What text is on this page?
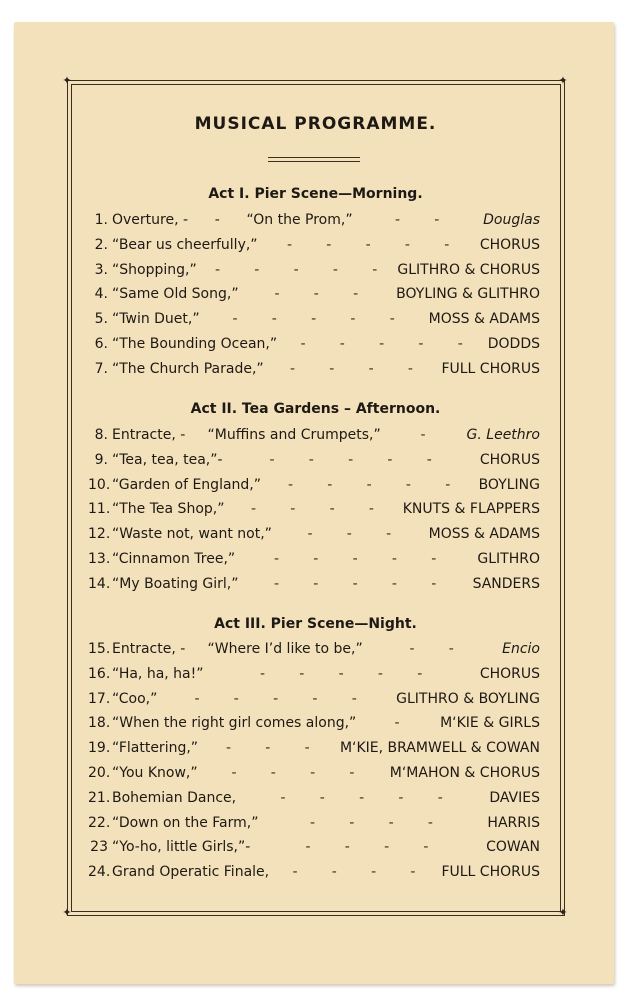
✦	✦
✦	✦
MUSICAL PROGRAMME.
Act I. Pier Scene—Morning.
1. Overture, -      -      “On the Prom,”	Douglas
-     -
2. “Bear us cheerfully,”	CHORUS
-     -     -     -     -
3. “Shopping,”	GLITHRO & CHORUS
-     -     -     -     -
4. “Same Old Song,”	BOYLING & GLITHRO
-     -     -
5. “Twin Duet,”	MOSS & ADAMS
-     -     -     -     -
6. “The Bounding Ocean,”	DODDS
-     -     -     -     -
7. “The Church Parade,”	FULL CHORUS
-     -     -     -
Act II. Tea Gardens – Afternoon.
8. Entracte, -     “Muffins and Crumpets,”	G. Leethro
-
9. “Tea, tea, tea,”-	CHORUS
-     -     -     -     -
10. “Garden of England,”	BOYLING
-     -     -     -     -
11. “The Tea Shop,”	KNUTS & FLAPPERS
-     -     -     -
12. “Waste not, want not,”	MOSS & ADAMS
-     -     -
13. “Cinnamon Tree,”	GLITHRO
-     -     -     -     -
14. “My Boating Girl,”	SANDERS
-     -     -     -     -
Act III. Pier Scene—Night.
15. Entracte, -     “Where I’d like to be,”	Encio
-     -
16. “Ha, ha, ha!”	CHORUS
-     -     -     -     -
17. “Coo,”	GLITHRO & BOYLING
-     -     -     -     -
18. “When the right girl comes along,”	M‘KIE & GIRLS
-
19. “Flattering,”	M‘KIE, BRAMWELL & COWAN
-     -     -
20. “You Know,”	M‘MAHON & CHORUS
-     -     -     -
21. Bohemian Dance,	DAVIES
-     -     -     -     -
22. “Down on the Farm,”	HARRIS
-     -     -     -
23 “Yo-ho, little Girls,”-	COWAN
-     -     -     -
24. Grand Operatic Finale,	FULL CHORUS
-     -     -     -
